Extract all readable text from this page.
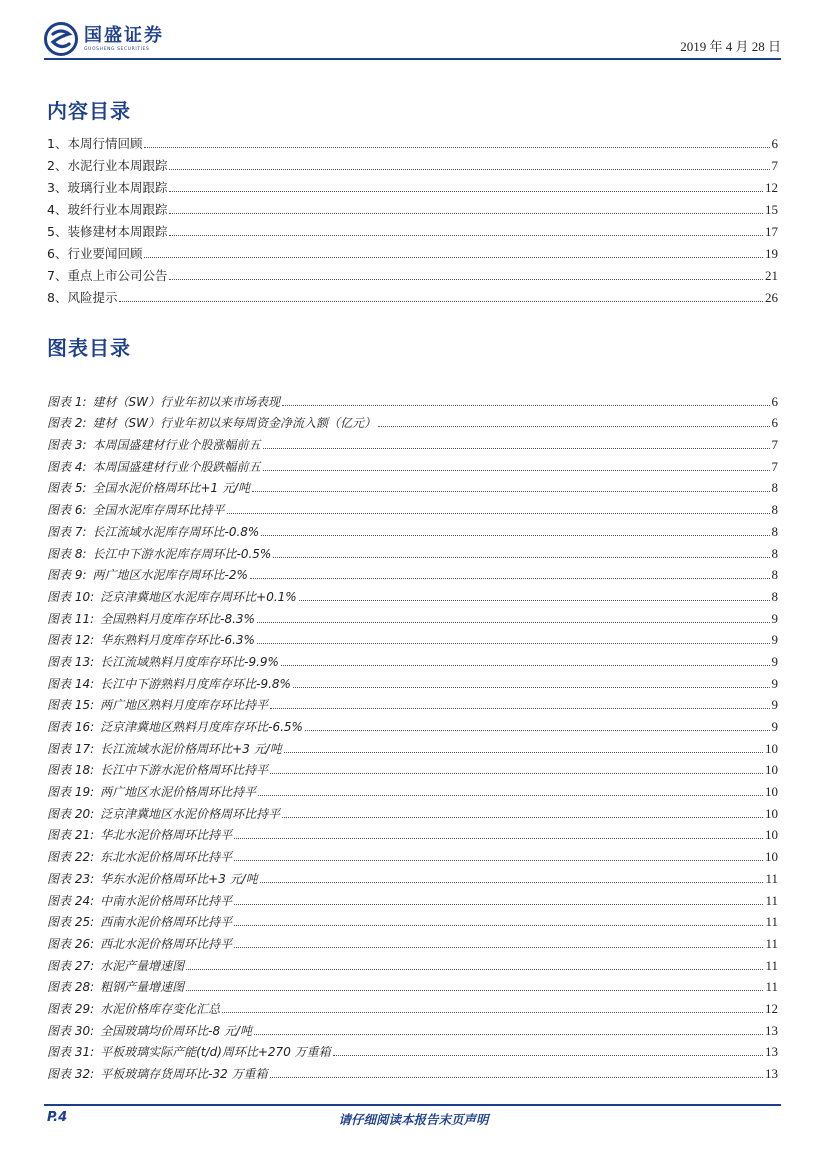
国盛证券
GUOSHENG SECURITIES	2019 年 4 月 28 日
内容目录
1、本周行情回顾	6
2、水泥行业本周跟踪	7
3、玻璃行业本周跟踪	12
4、玻纤行业本周跟踪	15
5、装修建材本周跟踪	17
6、行业要闻回顾	19
7、重点上市公司公告	21
8、风险提示	26
图表目录
图表 1: 建材（SW）行业年初以来市场表现	6
图表 2: 建材（SW）行业年初以来每周资金净流入额（亿元）	6
图表 3: 本周国盛建材行业个股涨幅前五	7
图表 4: 本周国盛建材行业个股跌幅前五	7
图表 5: 全国水泥价格周环比+1 元/吨	8
图表 6: 全国水泥库存周环比持平	8
图表 7: 长江流域水泥库存周环比-0.8%	8
图表 8: 长江中下游水泥库存周环比-0.5%	8
图表 9: 两广地区水泥库存周环比-2%	8
图表 10: 泛京津冀地区水泥库存周环比+0.1%	8
图表 11: 全国熟料月度库存环比-8.3%	9
图表 12: 华东熟料月度库存环比-6.3%	9
图表 13: 长江流域熟料月度库存环比-9.9%	9
图表 14: 长江中下游熟料月度库存环比-9.8%	9
图表 15: 两广地区熟料月度库存环比持平	9
图表 16: 泛京津冀地区熟料月度库存环比-6.5%	9
图表 17: 长江流域水泥价格周环比+3 元/吨	10
图表 18: 长江中下游水泥价格周环比持平	10
图表 19: 两广地区水泥价格周环比持平	10
图表 20: 泛京津冀地区水泥价格周环比持平	10
图表 21: 华北水泥价格周环比持平	10
图表 22: 东北水泥价格周环比持平	10
图表 23: 华东水泥价格周环比+3 元/吨	11
图表 24: 中南水泥价格周环比持平	11
图表 25: 西南水泥价格周环比持平	11
图表 26: 西北水泥价格周环比持平	11
图表 27: 水泥产量增速图	11
图表 28: 粗钢产量增速图	11
图表 29: 水泥价格库存变化汇总	12
图表 30: 全国玻璃均价周环比-8 元/吨	13
图表 31: 平板玻璃实际产能(t/d)周环比+270 万重箱	13
图表 32: 平板玻璃存货周环比-32 万重箱	13
P.4	请仔细阅读本报告末页声明
